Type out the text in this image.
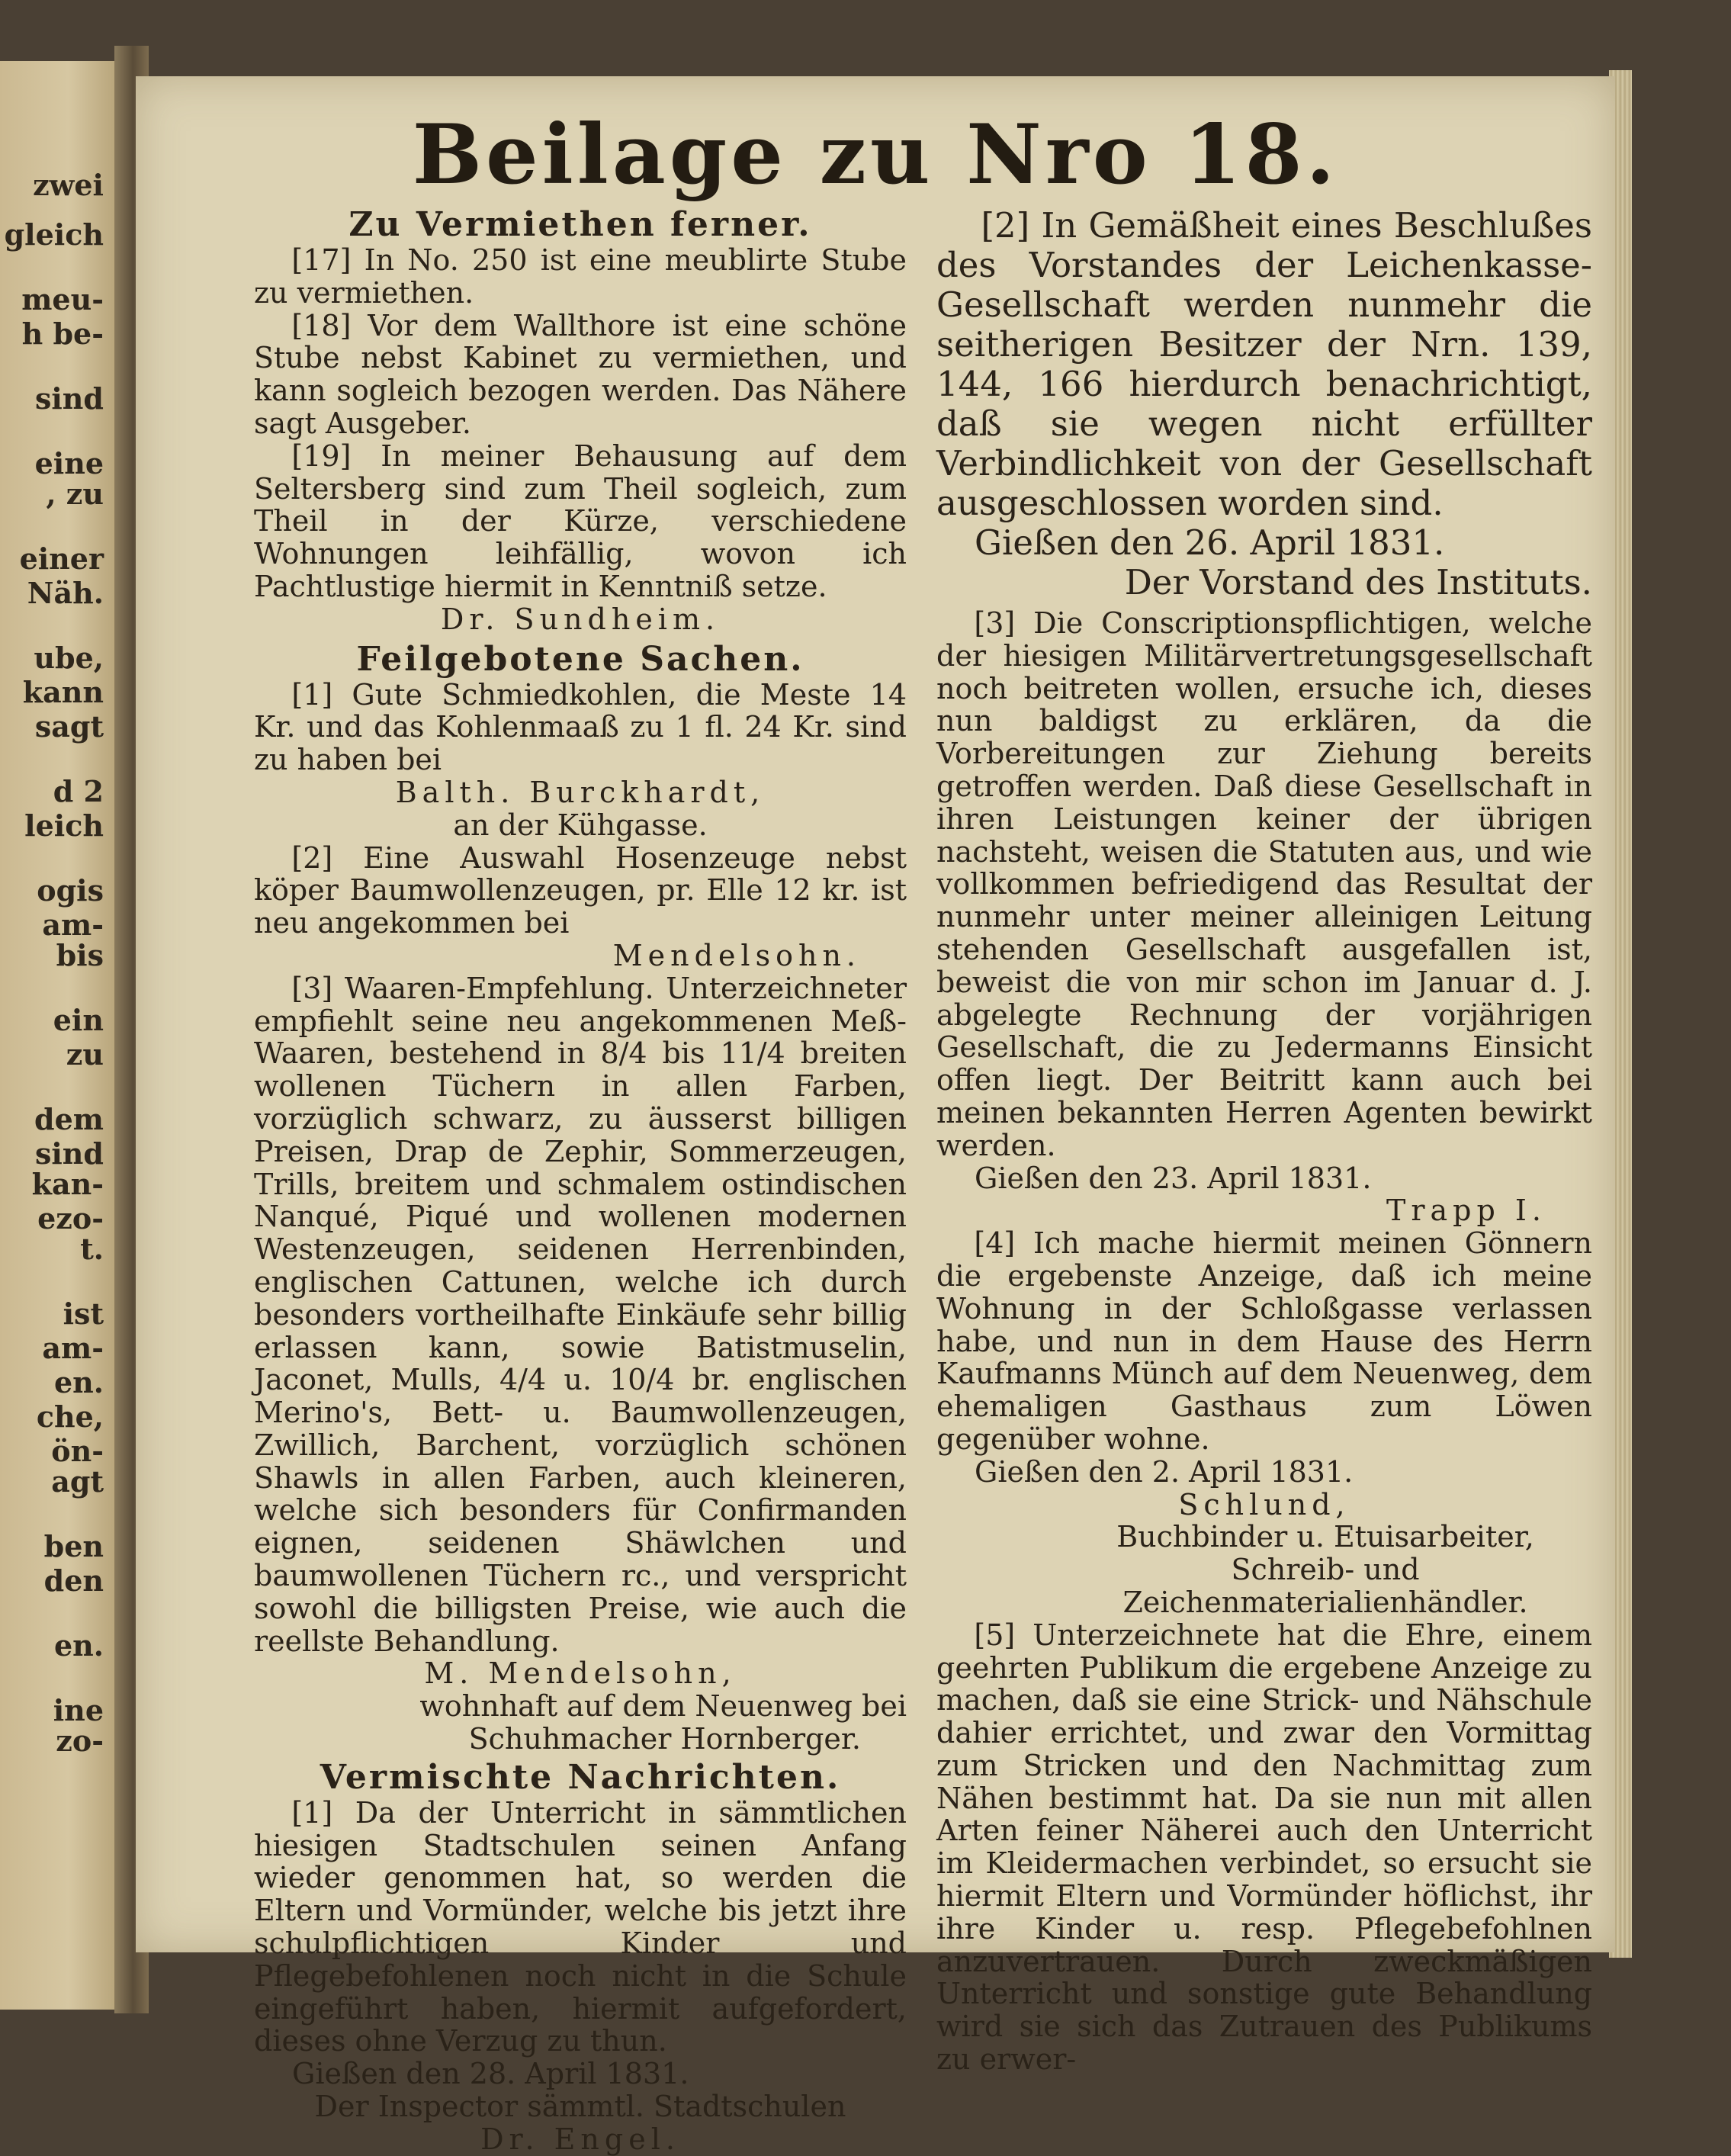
zwei
gleich
meu-
h be-
sind
eine
, zu
einer
Näh.
ube,
kann
sagt
d 2
leich
ogis
am-
bis
ein
zu
dem
sind
kan-
ezo-
t.
ist
am-
en.
che,
ön-
agt
ben
den
en.
ine
zo-
Beilage zu Nro 18.

Zu Vermiethen ferner.

[17] In No. 250 ist eine meublirte Stube zu vermiethen.

[18] Vor dem Wallthore ist eine schöne Stube nebst Kabinet zu vermiethen, und kann sogleich bezogen werden. Das Nähere sagt Ausgeber.

[19] In meiner Behausung auf dem Seltersberg sind zum Theil sogleich, zum Theil in der Kürze, verschiedene Wohnungen leihfällig, wovon ich Pachtlustige hiermit in Kenntniß setze.

Dr. Sundheim.

Feilgebotene Sachen.

[1] Gute Schmiedkohlen, die Meste 14 Kr. und das Kohlenmaaß zu 1 fl. 24 Kr. sind zu haben bei

Balth. Burckhardt,

an der Kühgasse.

[2] Eine Auswahl Hosenzeuge nebst köper Baumwollenzeugen, pr. Elle 12 kr. ist neu angekommen bei

Mendelsohn.

[3] Waaren-Empfehlung. Unterzeichneter empfiehlt seine neu angekommenen Meß-Waaren, bestehend in 8/4 bis 11/4 breiten wollenen Tüchern in allen Farben, vorzüglich schwarz, zu äusserst billigen Preisen, Drap de Zephir, Sommerzeugen, Trills, breitem und schmalem ostindischen Nanqué, Piqué und wollenen modernen Westenzeugen, seidenen Herrenbinden, englischen Cattunen, welche ich durch besonders vortheilhafte Einkäufe sehr billig erlassen kann, sowie Batistmuselin, Jaconet, Mulls, 4/4 u. 10/4 br. englischen Merino's, Bett- u. Baumwollenzeugen, Zwillich, Barchent, vorzüglich schönen Shawls in allen Farben, auch kleineren, welche sich besonders für Confirmanden eignen, seidenen Shäwlchen und baumwollenen Tüchern rc., und verspricht sowohl die billigsten Preise, wie auch die reellste Behandlung.

M. Mendelsohn,

wohnhaft auf dem Neuenweg bei

Schuhmacher Hornberger.

Vermischte Nachrichten.

[1] Da der Unterricht in sämmtlichen hiesigen Stadtschulen seinen Anfang wieder genommen hat, so werden die Eltern und Vormünder, welche bis jetzt ihre schulpflichtigen Kinder und Pflegebefohlenen noch nicht in die Schule eingeführt haben, hiermit aufgefordert, dieses ohne Verzug zu thun.

Gießen den 28. April 1831.

Der Inspector sämmtl. Stadtschulen

Dr. Engel.

[2] In Gemäßheit eines Beschlußes des Vorstandes der Leichenkasse-Gesellschaft werden nunmehr die seitherigen Besitzer der Nrn. 139, 144, 166 hierdurch benachrichtigt, daß sie wegen nicht erfüllter Verbindlichkeit von der Gesellschaft ausgeschlossen worden sind.

Gießen den 26. April 1831.

Der Vorstand des Instituts.

[3] Die Conscriptionspflichtigen, welche der hiesigen Militärvertretungsgesellschaft noch beitreten wollen, ersuche ich, dieses nun baldigst zu erklären, da die Vorbereitungen zur Ziehung bereits getroffen werden. Daß diese Gesellschaft in ihren Leistungen keiner der übrigen nachsteht, weisen die Statuten aus, und wie vollkommen befriedigend das Resultat der nunmehr unter meiner alleinigen Leitung stehenden Gesellschaft ausgefallen ist, beweist die von mir schon im Januar d. J. abgelegte Rechnung der vorjährigen Gesellschaft, die zu Jedermanns Einsicht offen liegt. Der Beitritt kann auch bei meinen bekannten Herren Agenten bewirkt werden.

Gießen den 23. April 1831.

Trapp I.

[4] Ich mache hiermit meinen Gönnern die ergebenste Anzeige, daß ich meine Wohnung in der Schloßgasse verlassen habe, und nun in dem Hause des Herrn Kaufmanns Münch auf dem Neuenweg, dem ehemaligen Gasthaus zum Löwen gegenüber wohne.

Gießen den 2. April 1831.

Schlund,

Buchbinder u. Etuisarbeiter, Schreib- und Zeichenmaterialienhändler.

[5] Unterzeichnete hat die Ehre, einem geehrten Publikum die ergebene Anzeige zu machen, daß sie eine Strick- und Nähschule dahier errichtet, und zwar den Vormittag zum Stricken und den Nachmittag zum Nähen bestimmt hat. Da sie nun mit allen Arten feiner Näherei auch den Unterricht im Kleidermachen verbindet, so ersucht sie hiermit Eltern und Vormünder höflichst, ihr ihre Kinder u. resp. Pflegebefohlnen anzuvertrauen. Durch zweckmäßigen Unterricht und sonstige gute Behandlung wird sie sich das Zutrauen des Publikums zu erwer-
